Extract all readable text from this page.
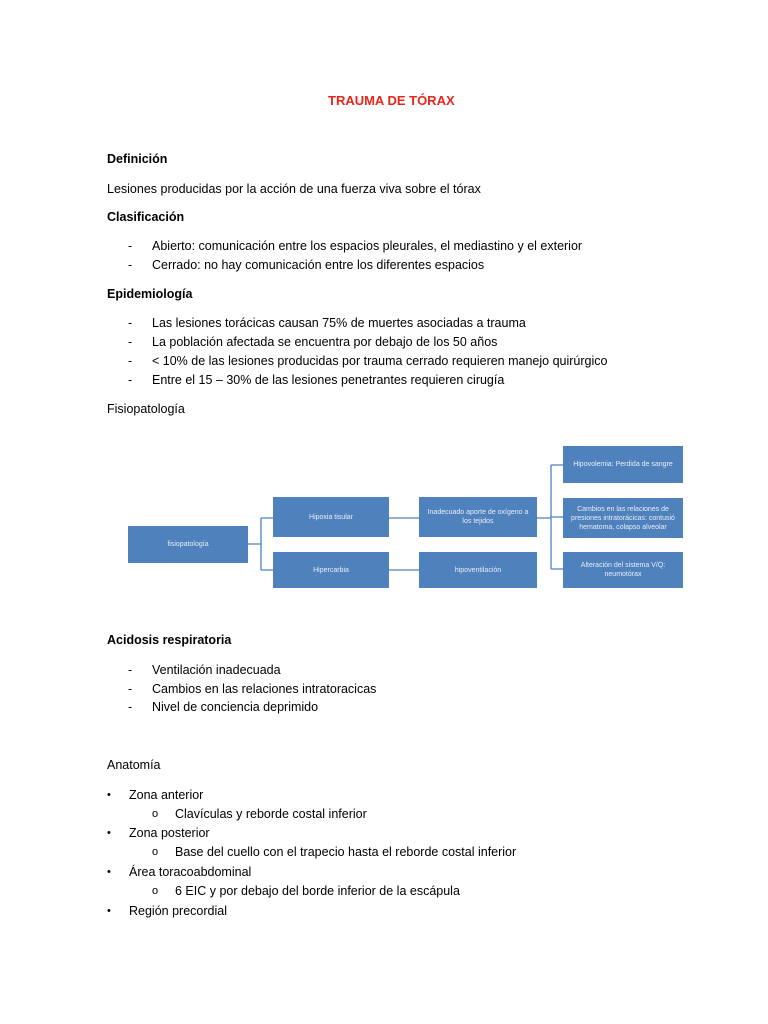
TRAUMA DE TÓRAX
Definición
Lesiones producidas por la acción de una fuerza viva sobre el tórax
Clasificación
- Abierto: comunicación entre los espacios pleurales, el mediastino y el exterior
- Cerrado: no hay comunicación entre los diferentes espacios
Epidemiología
- Las lesiones torácicas causan 75% de muertes asociadas a trauma
- La población afectada se encuentra por debajo de los 50 años
- < 10% de las lesiones producidas por trauma cerrado requieren manejo quirúrgico
- Entre el 15 – 30% de las lesiones penetrantes requieren cirugía
Fisiopatología
fisiopatología
Hipoxia tisular
Hipercarbia
Inadecuado aporte de oxígeno a los tejidos
hipoventilación
Hipovolemia: Perdida de sangre
Cambios en las relaciones de presiones intratorácicas: contusió hematoma, colapso alveolar
Alteración del sistema V/Q: neumotórax
Acidosis respiratoria
- Ventilación inadecuada
- Cambios en las relaciones intratoracicas
- Nivel de conciencia deprimido
Anatomía
• Zona anterior
o Clavículas y reborde costal inferior
• Zona posterior
o Base del cuello con el trapecio hasta el reborde costal inferior
• Área toracoabdominal
o 6 EIC y por debajo del borde inferior de la escápula
• Región precordial
